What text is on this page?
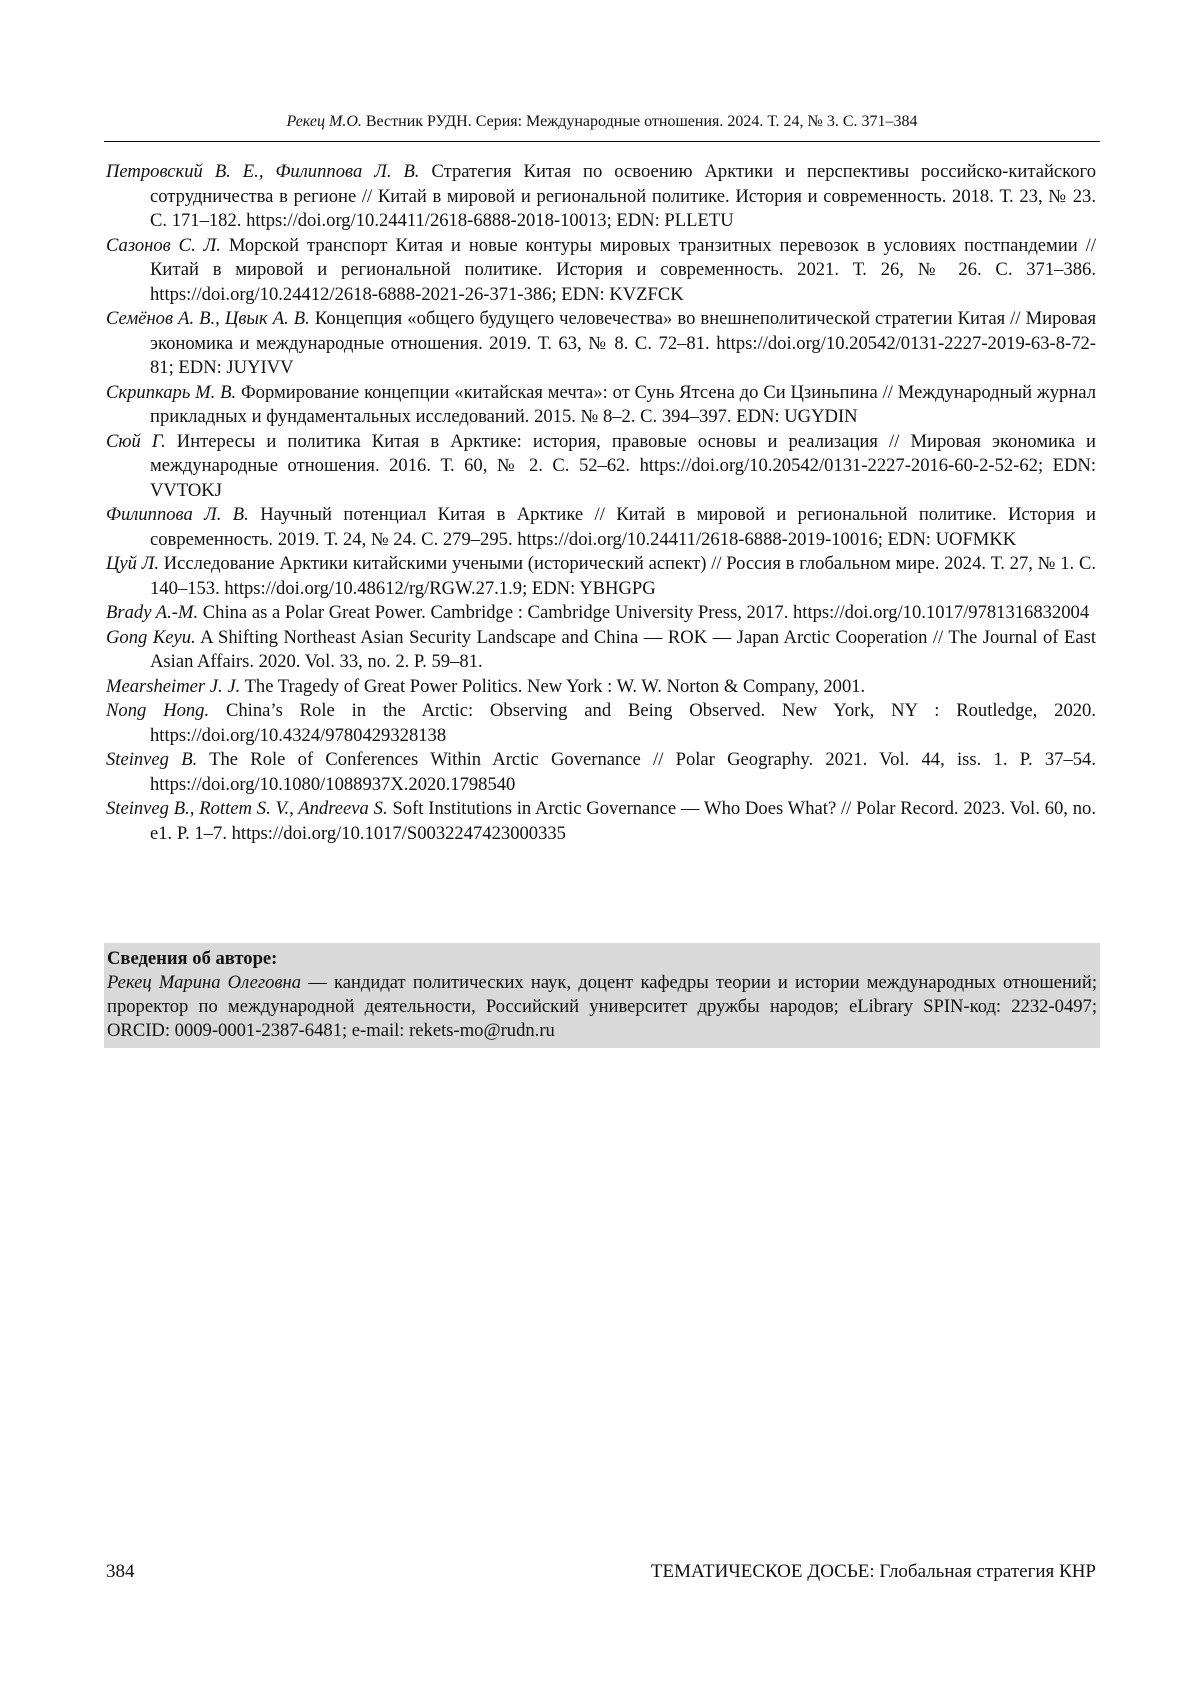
Рекец М.О. Вестник РУДН. Серия: Международные отношения. 2024. Т. 24, № 3. С. 371–384

Петровский В. Е., Филиппова Л. В. Стратегия Китая по освоению Арктики и перспективы российско-китайского сотрудничества в регионе // Китай в мировой и региональной политике. История и современность. 2018. Т. 23, № 23. С. 171–182. https://doi.org/10.24411/2618-6888-2018-10013; EDN: PLLETU

Сазонов С. Л. Морской транспорт Китая и новые контуры мировых транзитных перевозок в условиях постпандемии // Китай в мировой и региональной политике. История и современность. 2021. Т. 26, № 26. С. 371–386. https://doi.org/10.24412/2618-6888-2021-26-371-386; EDN: KVZFCK

Семёнов А. В., Цвык А. В. Концепция «общего будущего человечества» во внешнеполитической стратегии Китая // Мировая экономика и международные отношения. 2019. Т. 63, № 8. С. 72–81. https://doi.org/10.20542/0131-2227-2019-63-8-72-81; EDN: JUYIVV

Скрипкарь М. В. Формирование концепции «китайская мечта»: от Сунь Ятсена до Си Цзиньпина // Международный журнал прикладных и фундаментальных исследований. 2015. № 8–2. С. 394–397. EDN: UGYDIN

Сюй Г. Интересы и политика Китая в Арктике: история, правовые основы и реализация // Мировая экономика и международные отношения. 2016. Т. 60, № 2. С. 52–62. https://doi.org/10.20542/0131-2227-2016-60-2-52-62; EDN: VVTOKJ

Филиппова Л. В. Научный потенциал Китая в Арктике // Китай в мировой и региональной политике. История и современность. 2019. Т. 24, № 24. С. 279–295. https://doi.org/10.24411/2618-6888-2019-10016; EDN: UOFMKK

Цуй Л. Исследование Арктики китайскими учеными (исторический аспект) // Россия в глобальном мире. 2024. Т. 27, № 1. С. 140–153. https://doi.org/10.48612/rg/RGW.27.1.9; EDN: YBHGPG

Brady A.-M. China as a Polar Great Power. Cambridge : Cambridge University Press, 2017. https://doi.org/10.1017/9781316832004

Gong Keyu. A Shifting Northeast Asian Security Landscape and China — ROK — Japan Arctic Cooperation // The Journal of East Asian Affairs. 2020. Vol. 33, no. 2. P. 59–81.

Mearsheimer J. J. The Tragedy of Great Power Politics. New York : W. W. Norton & Company, 2001.

Nong Hong. China’s Role in the Arctic: Observing and Being Observed. New York, NY : Routledge, 2020. https://doi.org/10.4324/9780429328138

Steinveg B. The Role of Conferences Within Arctic Governance // Polar Geography. 2021. Vol. 44, iss. 1. P. 37–54. https://doi.org/10.1080/1088937X.2020.1798540

Steinveg B., Rottem S. V., Andreeva S. Soft Institutions in Arctic Governance — Who Does What? // Polar Record. 2023. Vol. 60, no. e1. P. 1–7. https://doi.org/10.1017/S0032247423000335

Сведения об авторе:
Рекец Марина Олеговна — кандидат политических наук, доцент кафедры теории и истории международных отношений; проректор по международной деятельности, Российский университет дружбы народов; eLibrary SPIN-код: 2232-0497; ORCID: 0009-0001-2387-6481; e-mail: rekets-mo@rudn.ru
384	ТЕМАТИЧЕСКОЕ ДОСЬЕ: Глобальная стратегия КНР
